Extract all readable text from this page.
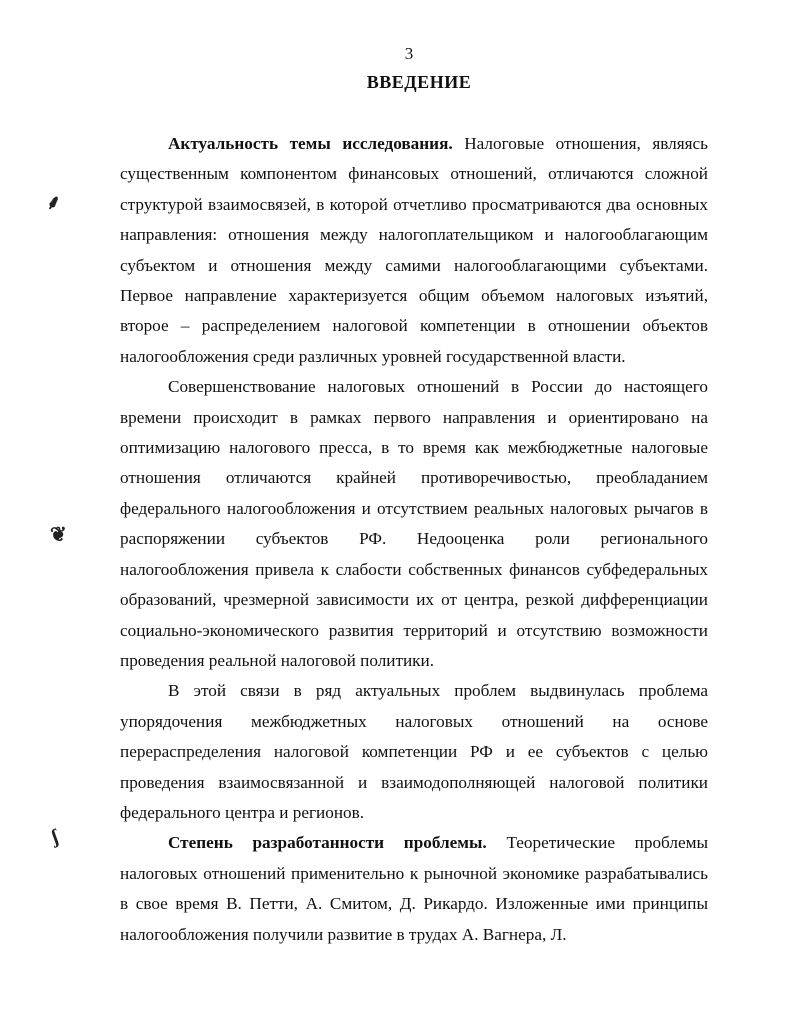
3
ВВЕДЕНИЕ
⸙
❦
ʃ

Актуальность темы исследования. Налоговые отношения, являясь существенным компонентом финансовых отношений, отличаются сложной структурой взаимосвязей, в которой отчетливо просматриваются два основных направления: отношения между налогоплательщиком и налогооблагающим субъектом и отношения между самими налогооблагающими субъектами. Первое направление характеризуется общим объемом налоговых изъятий, второе – распределением налоговой компетенции в отношении объектов налогообложения среди различных уровней государственной власти.

Совершенствование налоговых отношений в России до настоящего времени происходит в рамках первого направления и ориентировано на оптимизацию налогового пресса, в то время как межбюджетные налоговые отношения отличаются крайней противоречивостью, преобладанием федерального налогообложения и отсутствием реальных налоговых рычагов в распоряжении субъектов РФ. Недооценка роли регионального налогообложения привела к слабости собственных финансов субфедеральных образований, чрезмерной зависимости их от центра, резкой дифференциации социально-экономического развития территорий и отсутствию возможности проведения реальной налоговой политики.

В этой связи в ряд актуальных проблем выдвинулась проблема упорядочения межбюджетных налоговых отношений на основе перераспределения налоговой компетенции РФ и ее субъектов с целью проведения взаимосвязанной и взаимодополняющей налоговой политики федерального центра и регионов.

Степень разработанности проблемы. Теоретические проблемы налоговых отношений применительно к рыночной экономике разрабатывались в свое время В. Петти, А. Смитом, Д. Рикардо. Изложенные ими принципы налогообложения получили развитие в трудах А. Вагнера, Л.
